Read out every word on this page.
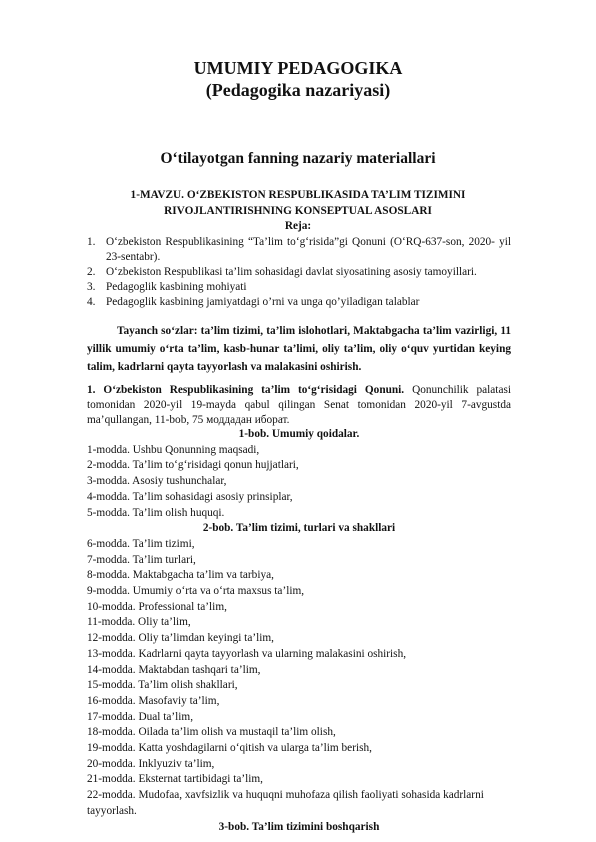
UMUMIY PEDAGOGIKA
(Pedagogika nazariyasi)
O‘tilayotgan fanning nazariy materiallari
1-MAVZU. O‘ZBEKISTON RESPUBLIKASIDA TA’LIM TIZIMINI RIVOJLANTIRISHNING KONSEPTUAL ASOSLARI
Reja:
1. O‘zbekiston Respublikasining “Ta’lim to‘g‘risida”gi Qonuni (O‘RQ-637-son, 2020- yil 23-sentabr).
2. O‘zbekiston Respublikasi ta’lim sohasidagi davlat siyosatining asosiy tamoyillari.
3. Pedagoglik kasbining mohiyati
4. Pedagoglik kasbining jamiyatdagi o’rni va unga qo’yiladigan talablar
Tayanch so‘zlar: ta’lim tizimi, ta’lim islohotlari, Maktabgacha ta’lim vazirligi, 11 yillik umumiy o‘rta ta’lim, kasb-hunar ta’limi, oliy ta’lim, oliy o‘quv yurtidan keying talim, kadrlarni qayta tayyorlash va malakasini oshirish.
1. O‘zbekiston Respublikasining ta’lim to‘g‘risidagi Qonuni. Qonunchilik palatasi tomonidan 2020-yil 19-mayda qabul qilingan Senat tomonidan 2020-yil 7-avgustda ma’qullangan, 11-bob, 75 моддадан иборат.
1-bob. Umumiy qoidalar.
1-modda. Ushbu Qonunning maqsadi,
2-modda. Ta’lim to‘g‘risidagi qonun hujjatlari,
3-modda. Asosiy tushunchalar,
4-modda. Ta’lim sohasidagi asosiy prinsiplar,
5-modda. Ta’lim olish huquqi.
2-bob. Ta’lim tizimi, turlari va shakllari
6-modda. Ta’lim tizimi,
7-modda. Ta’lim turlari,
8-modda. Maktabgacha ta’lim va tarbiya,
9-modda. Umumiy o‘rta va o‘rta maxsus ta’lim,
10-modda. Professional ta’lim,
11-modda. Oliy ta’lim,
12-modda. Oliy ta’limdan keyingi ta’lim,
13-modda. Kadrlarni qayta tayyorlash va ularning malakasini oshirish,
14-modda. Maktabdan tashqari ta’lim,
15-modda. Ta’lim olish shakllari,
16-modda. Masofaviy ta’lim,
17-modda. Dual ta’lim,
18-modda. Oilada ta’lim olish va mustaqil ta’lim olish,
19-modda. Katta yoshdagilarni o‘qitish va ularga ta’lim berish,
20-modda. Inklyuziv ta’lim,
21-modda. Eksternat tartibidagi ta’lim,
22-modda. Mudofaa, xavfsizlik va huquqni muhofaza qilish faoliyati sohasida kadrlarni tayyorlash.
3-bob. Ta’lim tizimini boshqarish
